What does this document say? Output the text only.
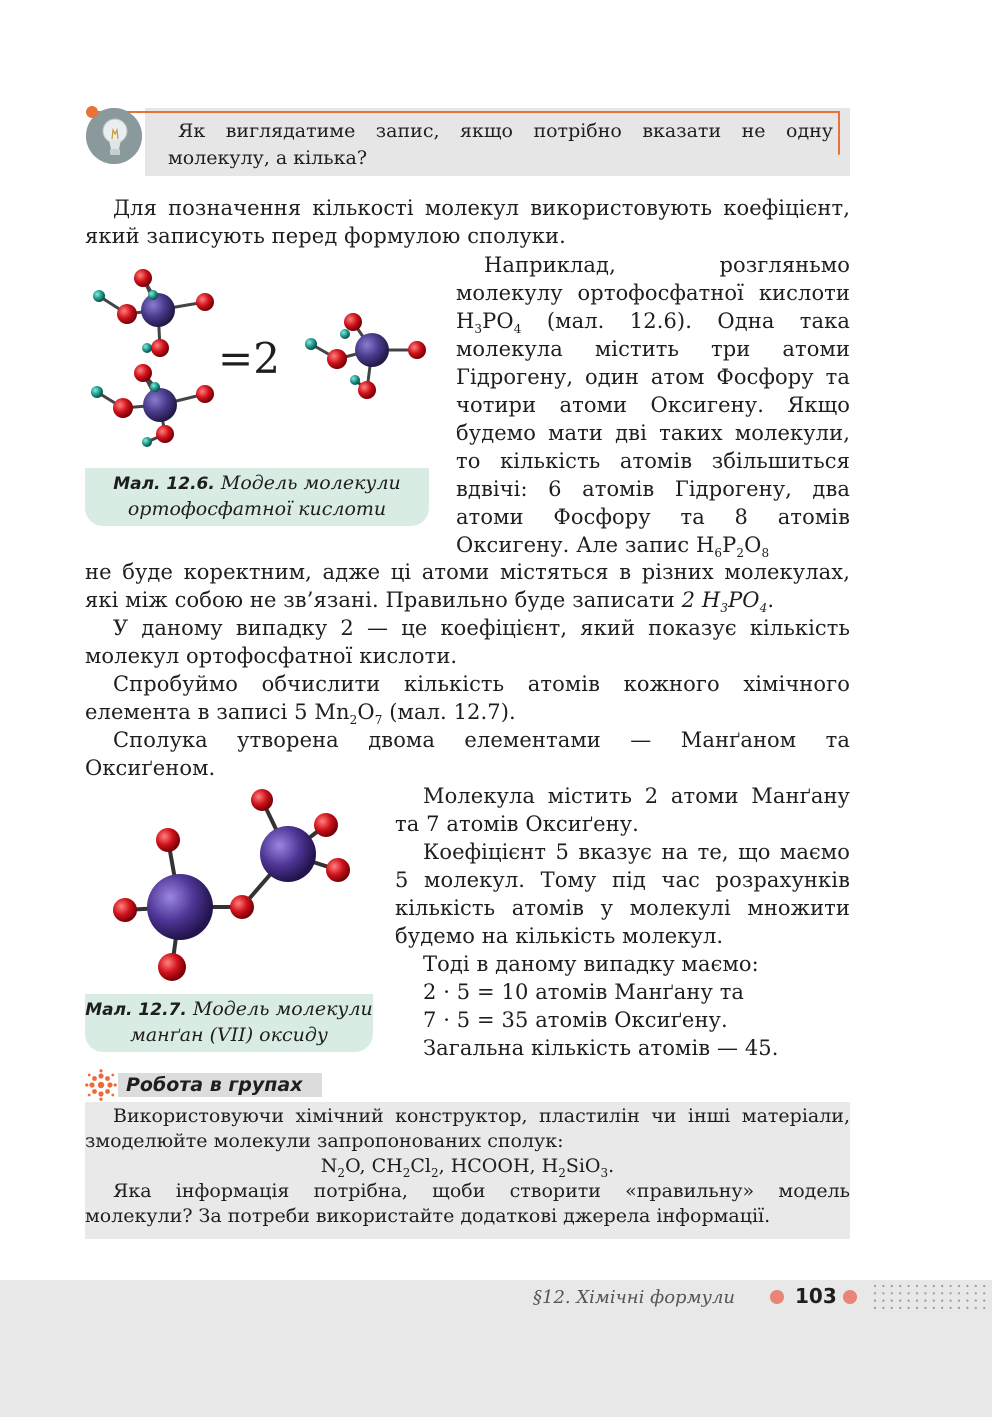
Як виглядатиме запис, якщо потрібно вказати не одну молекулу, а кілька?

Для позначення кількості молекул використовують коефіцієнт, який записують перед формулою сполуки.

=2
Мал. 12.6. Модель молекули ортофосфатної кислоти

Наприклад, розгляньмо молекулу ортофосфатної кислоти $H_3PO_4$ (мал. 12.6). Одна така молекула містить три атоми Гідрогену, один атом Фосфору та чотири атоми Оксигену. Якщо будемо мати дві таких молекули, то кількість атомів збільшиться вдвічі: 6 атомів Гідрогену, два атоми Фосфору та 8 атомів Оксигену. Але запис $H_6P_2O_8$

не буде коректним, адже ці атоми містяться в різних молекулах, які між собою не зв’язані. Правильно буде записати 2 $H_3PO_4$.

У даному випадку 2 — це коефіцієнт, який показує кількість молекул ортофосфатної кислоти.

Спробуймо обчислити кількість атомів кожного хімічного елемента в записі 5 $Mn_2O_7$ (мал. 12.7).

Сполука утворена двома елементами — Манґаном та Оксиґеном.

Мал. 12.7. Модель молекули манґан (VII) оксиду

Молекула містить 2 атоми Манґану та 7 атомів Оксиґену.

Коефіцієнт 5 вказує на те, що маємо 5 молекул. Тому під час розрахунків кількість атомів у молекулі множити будемо на кількість молекул.

Тоді в даному випадку маємо:

2 · 5 = 10 атомів Манґану та

7 · 5 = 35 атомів Оксиґену.

Загальна кількість атомів — 45.

Робота в групах

Використовуючи хімічний конструктор, пластилін чи інші матеріали, змоделюйте молекули запропонованих сполук:

$N_2O$, $CH_2Cl_2$, HCOOH, $H_2SiO_3$.

Яка інформація потрібна, щоби створити «правильну» модель молекули? За потреби використайте додаткові джерела інформації.

§12. Хімічні формули	103
